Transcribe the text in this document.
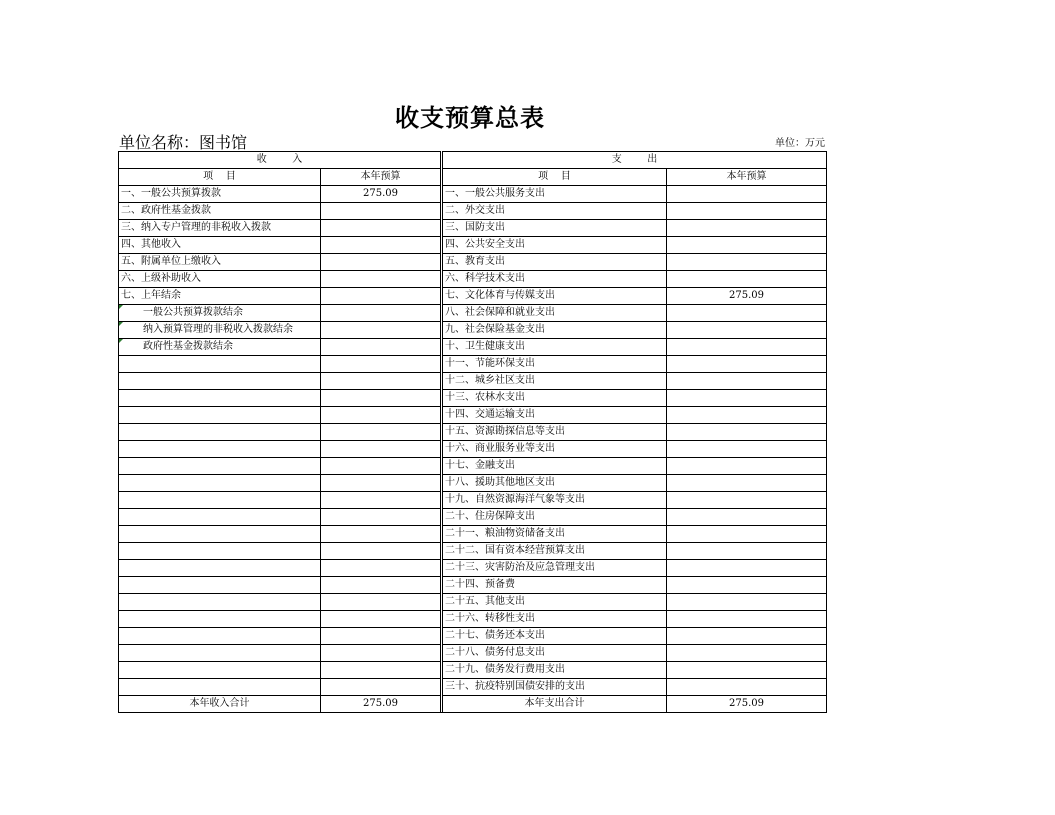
收支预算总表
单位名称：图书馆	单位：万元
收        入			支        出	
项    目	本年预算		项    目	本年预算
一、一般公共预算拨款	275.09		一、一般公共服务支出	
二、政府性基金拨款			二、外交支出	
三、纳入专户管理的非税收入拨款			三、国防支出	
四、其他收入			四、公共安全支出	
五、附属单位上缴收入			五、教育支出	
六、上级补助收入			六、科学技术支出	
七、上年结余			七、文化体育与传媒支出	275.09
一般公共预算拨款结余			八、社会保障和就业支出	
纳入预算管理的非税收入拨款结余			九、社会保险基金支出	
政府性基金拨款结余			十、卫生健康支出	
			十一、节能环保支出	
			十二、城乡社区支出	
			十三、农林水支出	
			十四、交通运输支出	
			十五、资源勘探信息等支出	
			十六、商业服务业等支出	
			十七、金融支出	
			十八、援助其他地区支出	
			十九、自然资源海洋气象等支出	
			二十、住房保障支出	
			二十一、粮油物资储备支出	
			二十二、国有资本经营预算支出	
			二十三、灾害防治及应急管理支出	
			二十四、预备费	
			二十五、其他支出	
			二十六、转移性支出	
			二十七、债务还本支出	
			二十八、债务付息支出	
			二十九、债务发行费用支出	
			三十、抗疫特别国债安排的支出	
本年收入合计	275.09		本年支出合计	275.09
